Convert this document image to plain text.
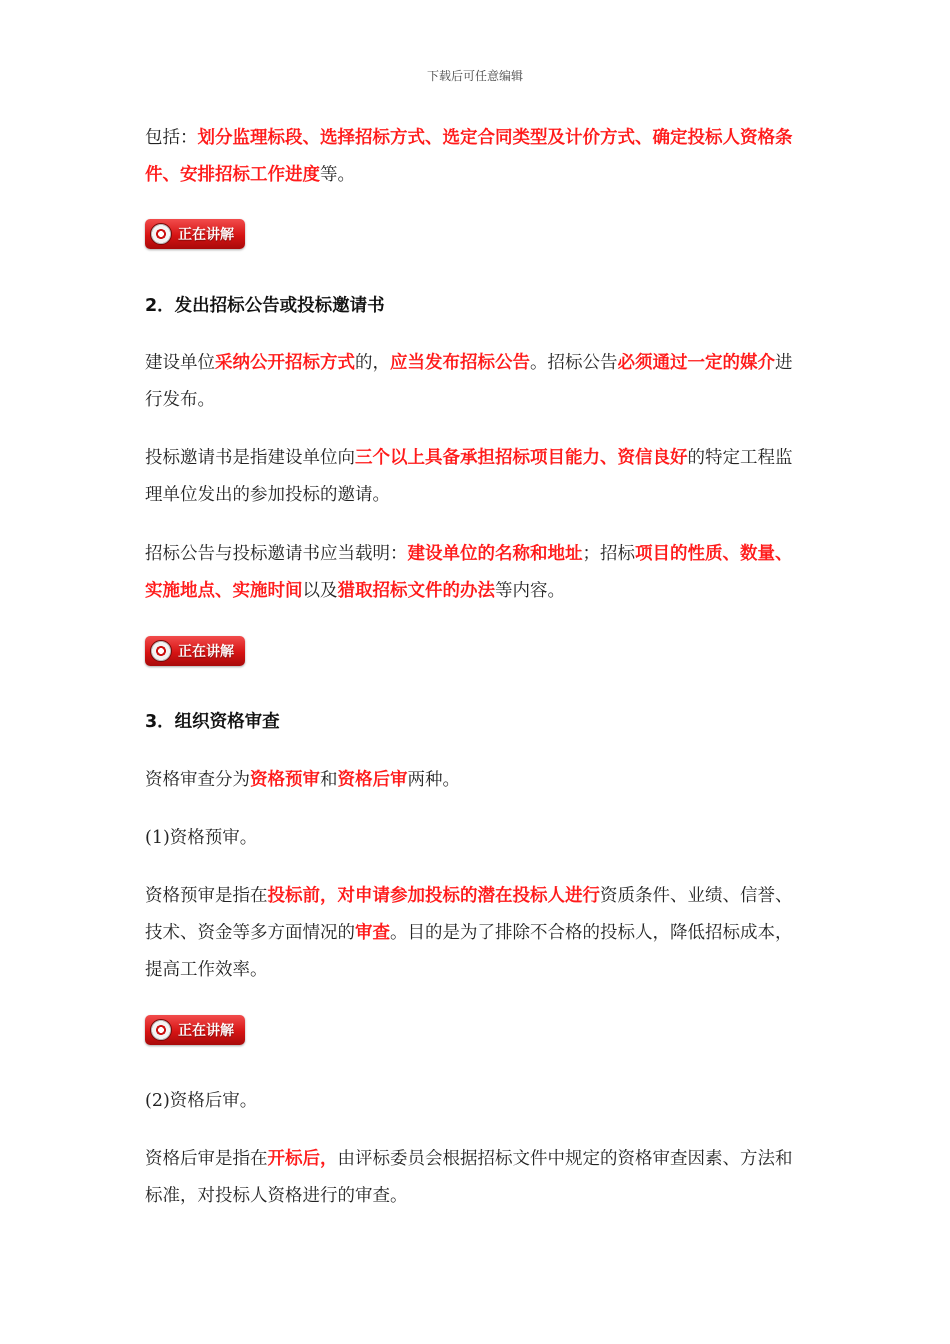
下载后可任意编辑

包括：划分监理标段、选择招标方式、选定合同类型及计价方式、确定投标人资格条件、安排招标工作进度等。

正在讲解
2．发出招标公告或投标邀请书

建设单位采纳公开招标方式的，应当发布招标公告。招标公告必须通过一定的媒介进行发布。

投标邀请书是指建设单位向三个以上具备承担招标项目能力、资信良好的特定工程监理单位发出的参加投标的邀请。

招标公告与投标邀请书应当载明：建设单位的名称和地址；招标项目的性质、数量、实施地点、实施时间以及猎取招标文件的办法等内容。

正在讲解
3．组织资格审查

资格审查分为资格预审和资格后审两种。

(1)资格预审。

资格预审是指在投标前，对申请参加投标的潜在投标人进行资质条件、业绩、信誉、技术、资金等多方面情况的审查。目的是为了排除不合格的投标人，降低招标成本，提高工作效率。

正在讲解

(2)资格后审。

资格后审是指在开标后，由评标委员会根据招标文件中规定的资格审查因素、方法和标准，对投标人资格进行的审查。
